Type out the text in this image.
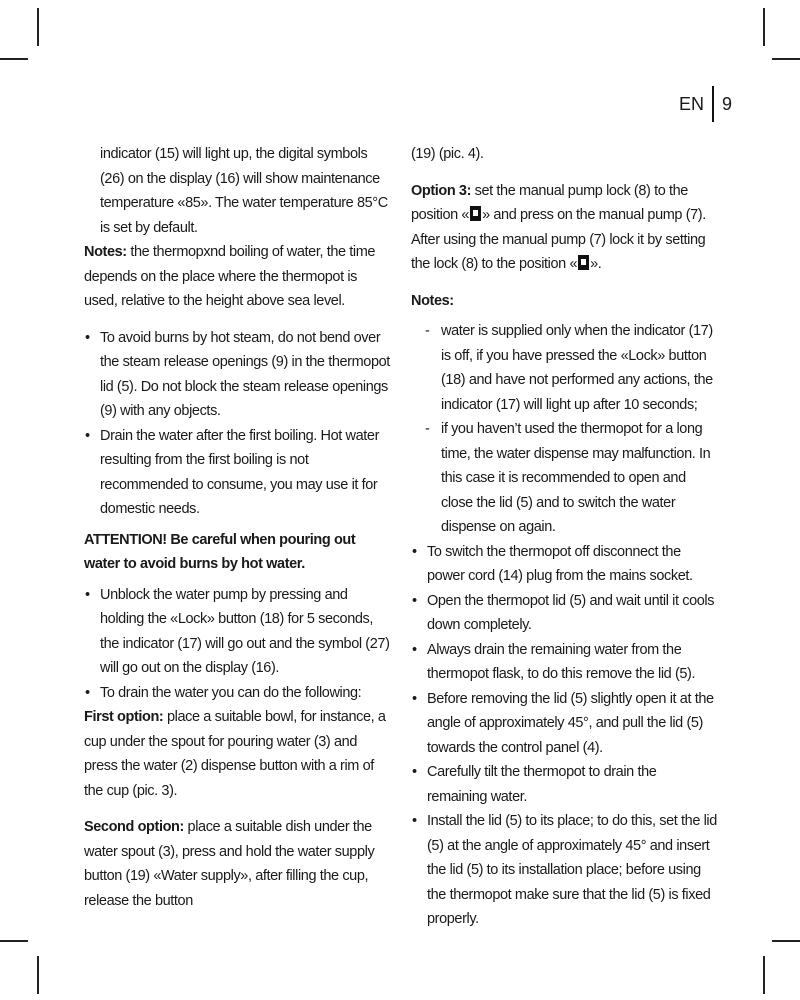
EN 9

indicator (15) will light up, the digital symbols (26) on the display (16) will show maintenance temperature «85». The water temperature 85°C is set by default.

Notes: the thermopxnd boiling of water, the time depends on the place where the thermopot is used, relative to the height above sea level.

• To avoid burns by hot steam, do not bend over the steam release openings (9) in the thermopot lid (5). Do not block the steam release openings (9) with any objects.

• Drain the water after the first boiling. Hot water resulting from the first boiling is not recommended to consume, you may use it for domestic needs.

ATTENTION! Be careful when pouring out water to avoid burns by hot water.

• Unblock the water pump by pressing and holding the «Lock» button (18) for 5 seconds, the indicator (17) will go out and the symbol (27) will go out on the display (16).

• To drain the water you can do the following:

First option: place a suitable bowl, for instance, a cup under the spout for pouring water (3) and press the water (2) dispense button with a rim of the cup (pic. 3).

Second option: place a suitable dish under the water spout (3), press and hold the water supply button (19) «Water supply», after filling the cup, release the button

(19) (pic. 4).

Option 3: set the manual pump lock (8) to the position « » and press on the manual pump (7). After using the manual pump (7) lock it by setting the lock (8) to the position « ».

Notes:

- water is supplied only when the indicator (17) is off, if you have pressed the «Lock» button (18) and have not performed any actions, the indicator (17) will light up after 10 seconds;

- if you haven’t used the thermopot for a long time, the water dispense may malfunction. In this case it is recommended to open and close the lid (5) and to switch the water dispense on again.

• To switch the thermopot off disconnect the power cord (14) plug from the mains socket.

• Open the thermopot lid (5) and wait until it cools down completely.

• Always drain the remaining water from the thermopot flask, to do this remove the lid (5).

• Before removing the lid (5) slightly open it at the angle of approximately 45°, and pull the lid (5) towards the control panel (4).

• Carefully tilt the thermopot to drain the remaining water.

• Install the lid (5) to its place; to do this, set the lid (5) at the angle of approximately 45° and insert the lid (5) to its installation place; before using the thermopot make sure that the lid (5) is fixed properly.
